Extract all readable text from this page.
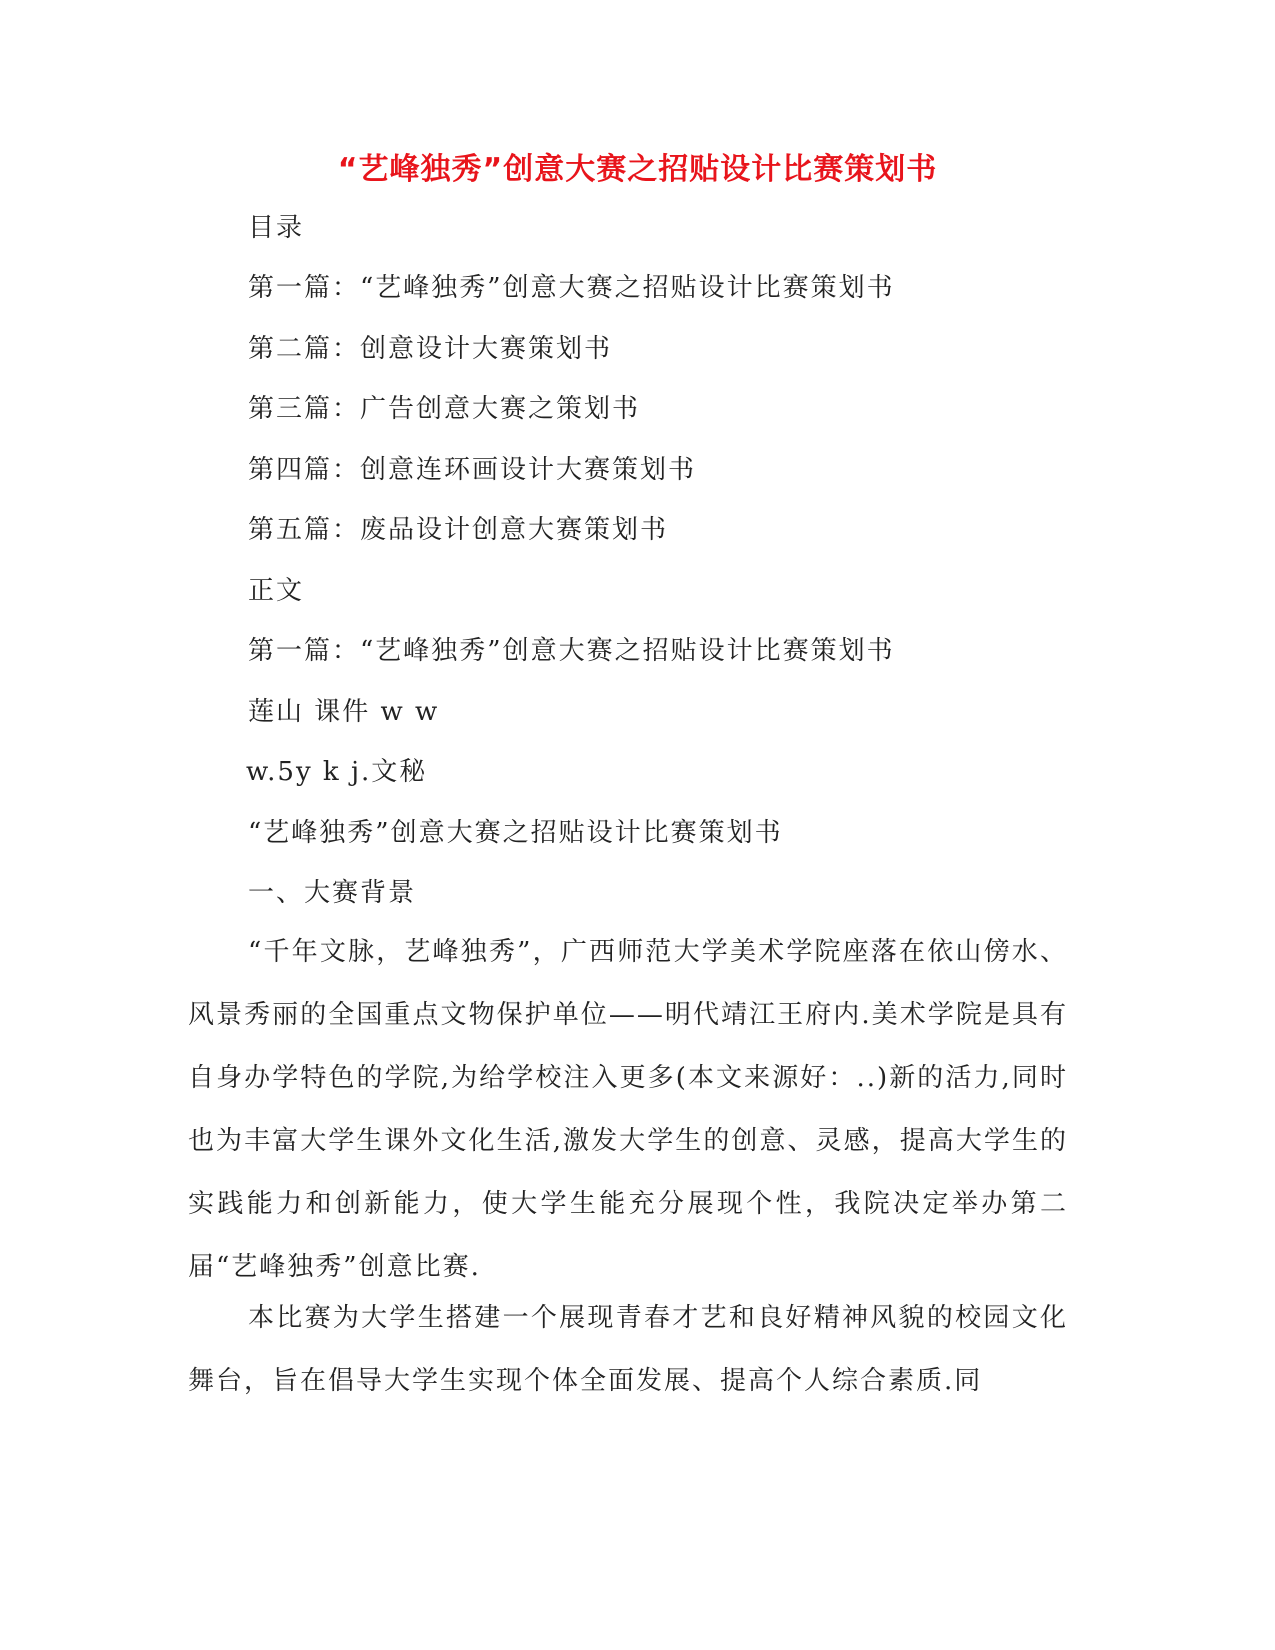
“艺峰独秀”创意大赛之招贴设计比赛策划书
目录
第一篇：“艺峰独秀”创意大赛之招贴设计比赛策划书
第二篇：创意设计大赛策划书
第三篇：广告创意大赛之策划书
第四篇：创意连环画设计大赛策划书
第五篇：废品设计创意大赛策划书
正文
第一篇：“艺峰独秀”创意大赛之招贴设计比赛策划书
莲山 课件 w w
w.5y k j.文秘
“艺峰独秀”创意大赛之招贴设计比赛策划书
一、大赛背景

“千年文脉，艺峰独秀”，广西师范大学美术学院座落在依山傍水、风景秀丽的全国重点文物保护单位——明代靖江王府内.美术学院是具有自身办学特色的学院,为给学校注入更多(本文来源好：..)新的活力,同时也为丰富大学生课外文化生活,激发大学生的创意、灵感，提高大学生的实践能力和创新能力，使大学生能充分展现个性，我院决定举办第二届“艺峰独秀”创意比赛.

本比赛为大学生搭建一个展现青春才艺和良好精神风貌的校园文化舞台，旨在倡导大学生实现个体全面发展、提高个人综合素质.同
